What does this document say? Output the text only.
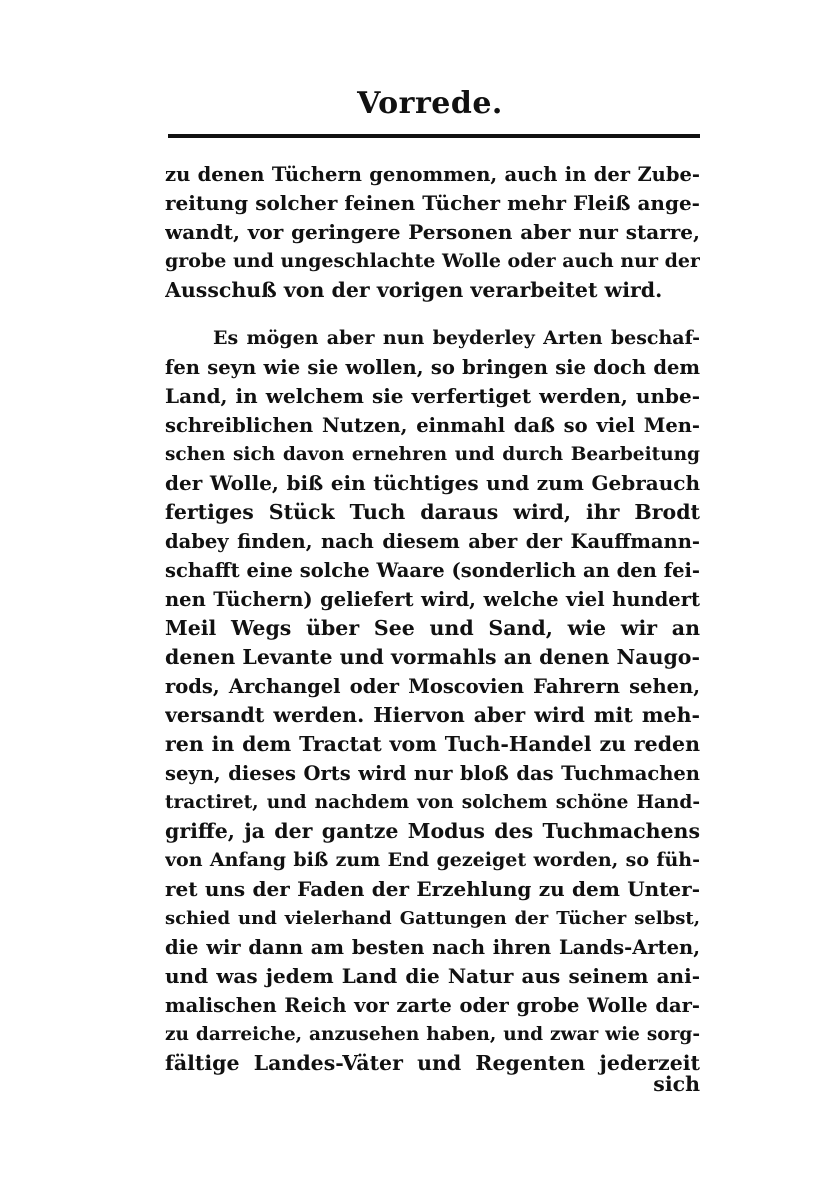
Vorrede.
zu denen Tüchern genommen, auch in der Zube-
reitung solcher feinen Tücher mehr Fleiß ange-
wandt, vor geringere Personen aber nur starre,
grobe und ungeschlachte Wolle oder auch nur der
Ausschuß von der vorigen verarbeitet wird.
Es mögen aber nun beyderley Arten beschaf-
fen seyn wie sie wollen, so bringen sie doch dem
Land, in welchem sie verfertiget werden, unbe-
schreiblichen Nutzen, einmahl daß so viel Men-
schen sich davon ernehren und durch Bearbeitung
der Wolle, biß ein tüchtiges und zum Gebrauch
fertiges Stück Tuch daraus wird, ihr Brodt
dabey finden, nach diesem aber der Kauffmann-
schafft eine solche Waare (sonderlich an den fei-
nen Tüchern) geliefert wird, welche viel hundert
Meil Wegs über See und Sand, wie wir an
denen Levante und vormahls an denen Naugo-
rods, Archangel oder Moscovien Fahrern sehen,
versandt werden. Hiervon aber wird mit meh-
ren in dem Tractat vom Tuch-Handel zu reden
seyn, dieses Orts wird nur bloß das Tuchmachen
tractiret, und nachdem von solchem schöne Hand-
griffe, ja der gantze Modus des Tuchmachens
von Anfang biß zum End gezeiget worden, so füh-
ret uns der Faden der Erzehlung zu dem Unter-
schied und vielerhand Gattungen der Tücher selbst,
die wir dann am besten nach ihren Lands-Arten,
und was jedem Land die Natur aus seinem ani-
malischen Reich vor zarte oder grobe Wolle dar-
zu darreiche, anzusehen haben, und zwar wie sorg-
fältige Landes-Väter und Regenten jederzeit
sich
